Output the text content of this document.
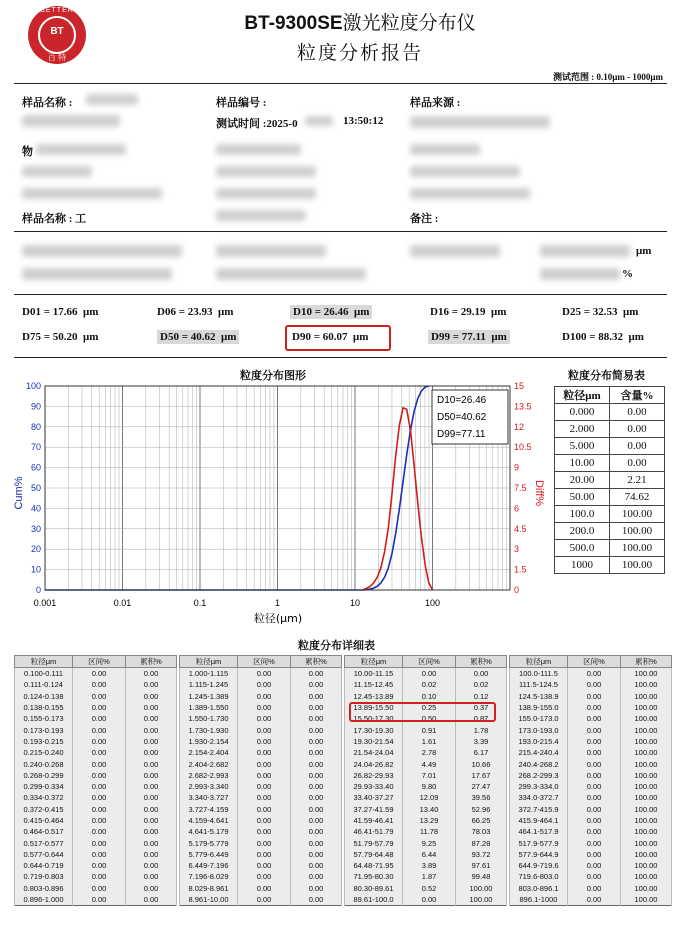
BETTER
BT
百 特
BT-9300SE激光粒度分布仪
粒度分析报告
测试范围 : 0.10μm - 1000μm
样品名称 :	样品编号 :	样品来源 :
测试时间 :2025-0	13:50:12
物
样品名称 : 工	备注 :
μm
%
D01 = 17.66 μm	D06 = 23.93 μm	D10 = 26.46 μm	D16 = 29.19 μm	D25 = 32.53 μm
D75 = 50.20 μm	D50 = 40.62 μm	D90 = 60.07 μm	D99 = 77.11 μm	D100 = 88.32 μm
粒度分布图形
0.001	0.01	0.1	1	10	100
0
10
20
30
40
50
60
70
80
90
100
0
1.5
3
4.5
6
7.5
9
10.5
12
13.5
15
Cum%	Diff%
粒径(μm)
D10=26.46
D50=40.62
D99=77.11
粒度分布简易表
粒径μm	含量%
0.000	0.00
2.000	0.00
5.000	0.00
10.00	0.00
20.00	2.21
50.00	74.62
100.0	100.00
200.0	100.00
500.0	100.00
1000	100.00
粒度分布详细表
粒径μm	区间%	累积%
0.100-0.111	0.00	0.00
0.111-0.124	0.00	0.00
0.124-0.138	0.00	0.00
0.138-0.155	0.00	0.00
0.155-0.173	0.00	0.00
0.173-0.193	0.00	0.00
0.193-0.215	0.00	0.00
0.215-0.240	0.00	0.00
0.240-0.268	0.00	0.00
0.268-0.299	0.00	0.00
0.299-0.334	0.00	0.00
0.334-0.372	0.00	0.00
0.372-0.415	0.00	0.00
0.415-0.464	0.00	0.00
0.464-0.517	0.00	0.00
0.517-0.577	0.00	0.00
0.577-0.644	0.00	0.00
0.644-0.719	0.00	0.00
0.719-0.803	0.00	0.00
0.803-0.896	0.00	0.00
0.896-1.000	0.00	0.00
粒径μm	区间%	累积%
1.000-1.115	0.00	0.00
1.115-1.245	0.00	0.00
1.245-1.389	0.00	0.00
1.389-1.550	0.00	0.00
1.550-1.730	0.00	0.00
1.730-1.930	0.00	0.00
1.930-2.154	0.00	0.00
2.154-2.404	0.00	0.00
2.404-2.682	0.00	0.00
2.682-2.993	0.00	0.00
2.993-3.340	0.00	0.00
3.340-3.727	0.00	0.00
3.727-4.159	0.00	0.00
4.159-4.641	0.00	0.00
4.641-5.179	0.00	0.00
5.179-5.779	0.00	0.00
5.779-6.449	0.00	0.00
6.449-7.196	0.00	0.00
7.196-8.029	0.00	0.00
8.029-8.961	0.00	0.00
8.961-10.00	0.00	0.00
粒径μm	区间%	累积%
10.00-11.15	0.00	0.00
11.15-12.45	0.02	0.02
12.45-13.89	0.10	0.12
13.89-15.50	0.25	0.37
15.50-17.30	0.50	0.87
17.30-19.30	0.91	1.78
19.30-21.54	1.61	3.39
21.54-24.04	2.78	6.17
24.04-26.82	4.49	10.66
26.82-29.93	7.01	17.67
29.93-33.40	9.80	27.47
33.40-37.27	12.09	39.56
37.27-41.59	13.40	52.96
41.59-46.41	13.29	66.25
46.41-51.79	11.78	78.03
51.79-57.79	9.25	87.28
57.79-64.48	6.44	93.72
64.48-71.95	3.89	97.61
71.95-80.30	1.87	99.48
80.30-89.61	0.52	100.00
89.61-100.0	0.00	100.00
粒径μm	区间%	累积%
100.0-111.5	0.00	100.00
111.5-124.5	0.00	100.00
124.5-138.9	0.00	100.00
138.9-155.0	0.00	100.00
155.0-173.0	0.00	100.00
173.0-193.0	0.00	100.00
193.0-215.4	0.00	100.00
215.4-240.4	0.00	100.00
240.4-268.2	0.00	100.00
268.2-299.3	0.00	100.00
299.3-334.0	0.00	100.00
334.0-372.7	0.00	100.00
372.7-415.9	0.00	100.00
415.9-464.1	0.00	100.00
464.1-517.9	0.00	100.00
517.9-577.9	0.00	100.00
577.9-644.9	0.00	100.00
644.9-719.6	0.00	100.00
719.6-803.0	0.00	100.00
803.0-896.1	0.00	100.00
896.1-1000	0.00	100.00
